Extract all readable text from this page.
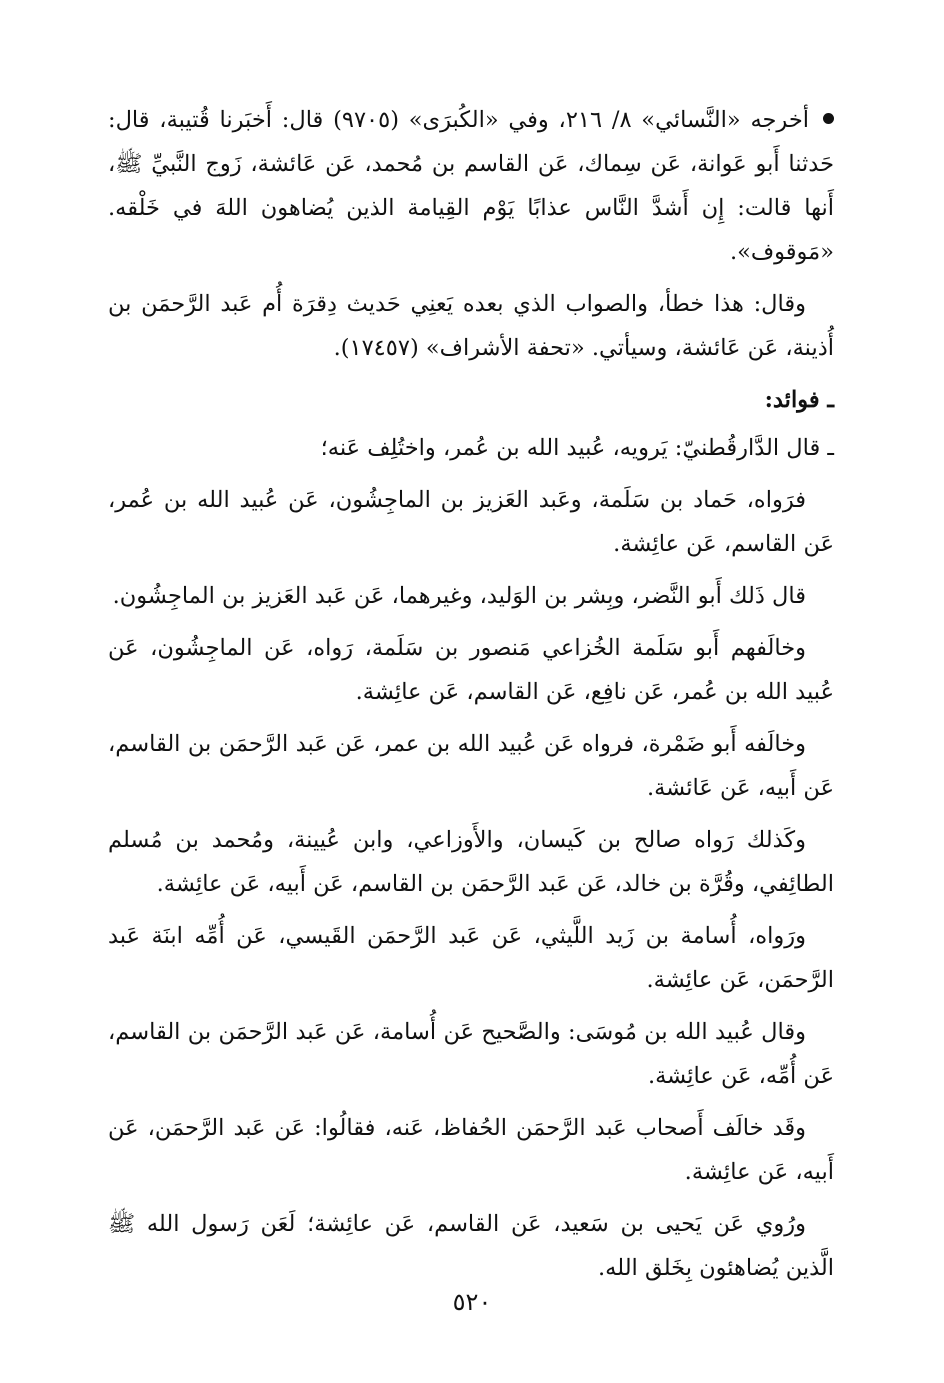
أخرجه «النَّسائي» ٨/ ٢١٦، وفي «الكُبرَى» (٩٧٠٥) قال: أَخبَرنا قُتيبة، قال: حَدثنا أَبو عَوانة، عَن سِماك، عَن القاسم بن مُحمد، عَن عَائشة، زَوج النَّبيِّ ﷺ، أَنها قالت: إِن أَشدَّ النَّاس عذابًا يَوْم القِيامة الذين يُضاهون اللهَ في خَلْقه. «مَوقوف».

وقال: هذا خطأ، والصواب الذي بعده يَعنِي حَديث دِقرَة أُم عَبد الرَّحمَن بن أُذينة، عَن عَائشة، وسيأتي. «تحفة الأشراف» (١٧٤٥٧).

ـ فوائد:

ـ قال الدَّارقُطنيّ: يَرويه، عُبيد الله بن عُمر، واختُلِف عَنه؛

فرَواه، حَماد بن سَلَمة، وعَبد العَزيز بن الماجِشُون، عَن عُبيد الله بن عُمر، عَن القاسم، عَن عائِشة.

قال ذَلك أَبو النَّضر، وبِشر بن الوَليد، وغيرهما، عَن عَبد العَزيز بن الماجِشُون.

وخالَفهم أَبو سَلَمة الخُزاعي مَنصور بن سَلَمة، رَواه، عَن الماجِشُون، عَن عُبيد الله بن عُمر، عَن نافِع، عَن القاسم، عَن عائِشة.

وخالَفه أَبو ضَمْرة، فرواه عَن عُبيد الله بن عمر، عَن عَبد الرَّحمَن بن القاسم، عَن أَبيه، عَن عَائشة.

وكَذلك رَواه صالح بن كَيسان، والأَوزاعي، وابن عُيينة، ومُحمد بن مُسلم الطائِفي، وقُرَّة بن خالد، عَن عَبد الرَّحمَن بن القاسم، عَن أَبيه، عَن عائِشة.

ورَواه، أُسامة بن زَيد اللَّيثي، عَن عَبد الرَّحمَن القَيسي، عَن أُمِّه ابنَة عَبد الرَّحمَن، عَن عائِشة.

وقال عُبيد الله بن مُوسَى: والصَّحيح عَن أُسامة، عَن عَبد الرَّحمَن بن القاسم، عَن أُمِّه، عَن عائِشة.

وقَد خالَف أَصحاب عَبد الرَّحمَن الحُفاظ، عَنه، فقالُوا: عَن عَبد الرَّحمَن، عَن أَبيه، عَن عائِشة.

ورُوي عَن يَحيى بن سَعيد، عَن القاسم، عَن عائِشة؛ لَعَن رَسول الله ﷺ الَّذين يُضاهئون بِخَلق الله.

٥٢٠
